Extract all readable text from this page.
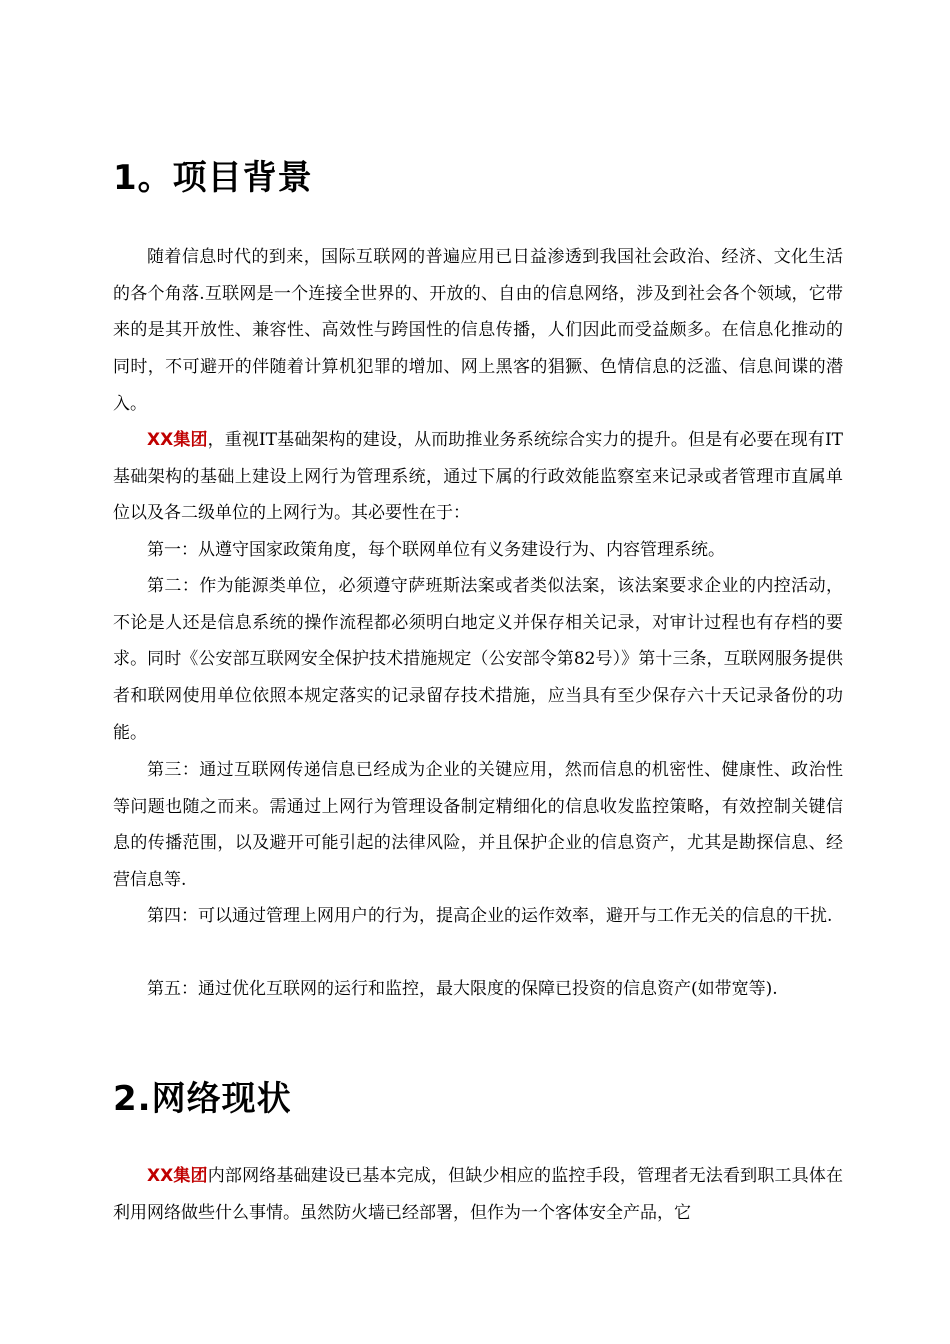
1。项目背景

随着信息时代的到来，国际互联网的普遍应用已日益渗透到我国社会政治、经济、文化生活的各个角落.互联网是一个连接全世界的、开放的、自由的信息网络，涉及到社会各个领域，它带来的是其开放性、兼容性、高效性与跨国性的信息传播，人们因此而受益颇多。在信息化推动的同时，不可避开的伴随着计算机犯罪的增加、网上黑客的猖獗、色情信息的泛滥、信息间谍的潜入。

XX集团，重视IT基础架构的建设，从而助推业务系统综合实力的提升。但是有必要在现有IT基础架构的基础上建设上网行为管理系统，通过下属的行政效能监察室来记录或者管理市直属单位以及各二级单位的上网行为。其必要性在于：

第一：从遵守国家政策角度，每个联网单位有义务建设行为、内容管理系统。

第二：作为能源类单位，必须遵守萨班斯法案或者类似法案，该法案要求企业的内控活动，不论是人还是信息系统的操作流程都必须明白地定义并保存相关记录，对审计过程也有存档的要求。同时《公安部互联网安全保护技术措施规定（公安部令第82号）》第十三条，互联网服务提供者和联网使用单位依照本规定落实的记录留存技术措施，应当具有至少保存六十天记录备份的功能。

第三：通过互联网传递信息已经成为企业的关键应用，然而信息的机密性、健康性、政治性等问题也随之而来。需通过上网行为管理设备制定精细化的信息收发监控策略，有效控制关键信息的传播范围，以及避开可能引起的法律风险，并且保护企业的信息资产，尤其是勘探信息、经营信息等.

第四：可以通过管理上网用户的行为，提高企业的运作效率，避开与工作无关的信息的干扰.

第五：通过优化互联网的运行和监控，最大限度的保障已投资的信息资产(如带宽等).

2.网络现状

XX集团内部网络基础建设已基本完成，但缺少相应的监控手段，管理者无法看到职工具体在利用网络做些什么事情。虽然防火墙已经部署，但作为一个客体安全产品，它
